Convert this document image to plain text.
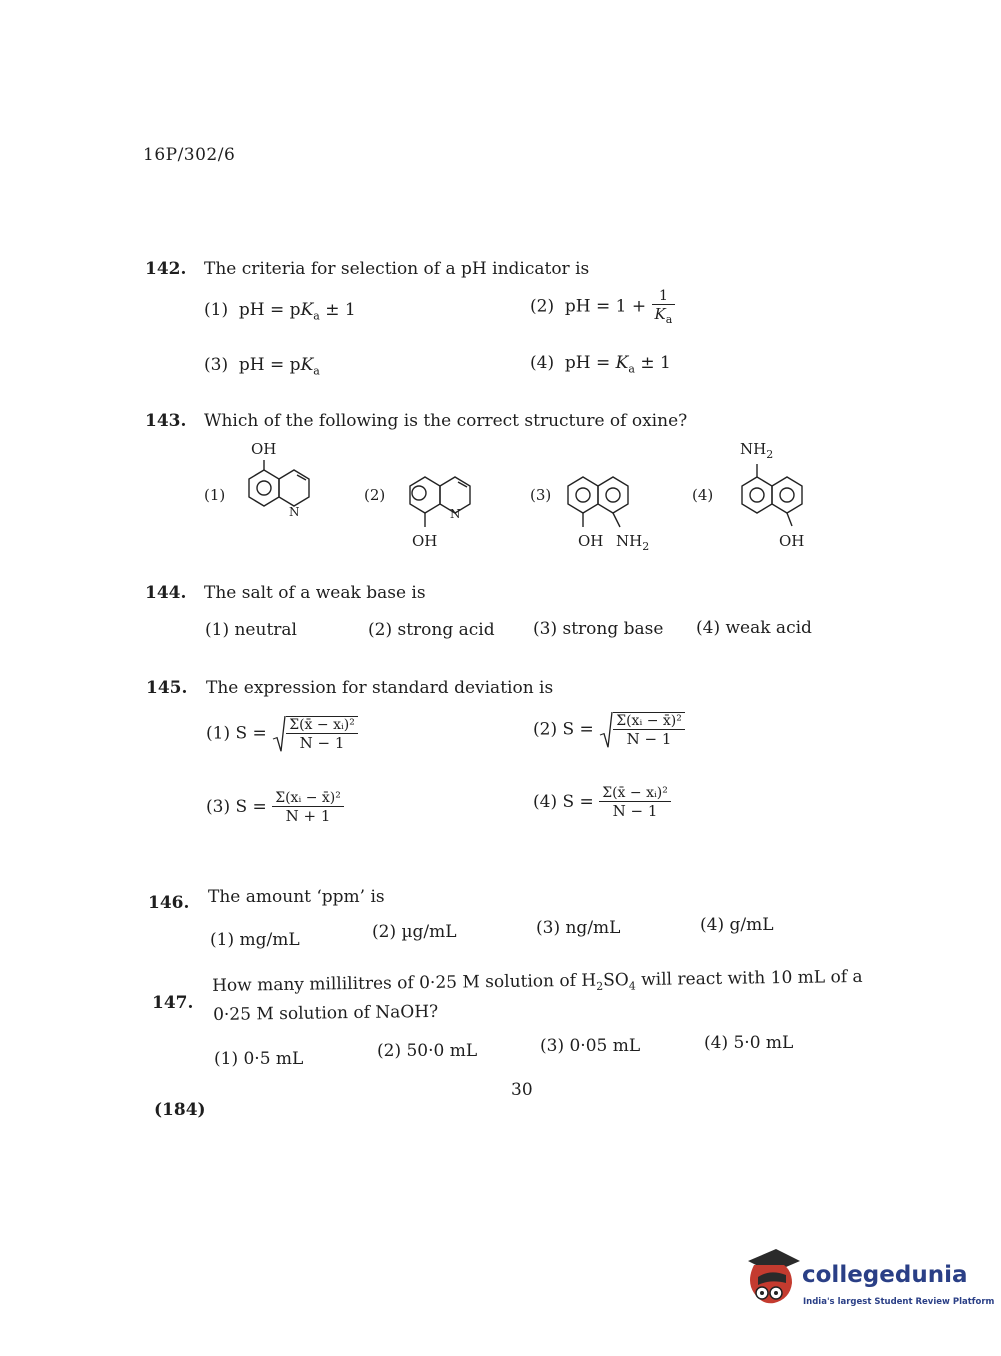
16P/302/6
142. The criteria for selection of a pH indicator is
(1) pH = $pK_a \pm 1$	(2) pH = $1 + \frac{1}{K_a}$
(3) pH = $pK_a$	(4) pH = $K_a \pm 1$
143. Which of the following is the correct structure of oxine?
(1)
OH
N
(2)
N
OH
(3)
OH $NH_2$
(4)
$NH_2$
OH
144. The salt of a weak base is
(1) neutral	(2) strong acid (3) strong base (4) weak acid
145. The expression for standard deviation is
(1) $S = \frac{\text{Σ(x̄ − xᵢ)²}}{N - 1}$	(2) $S = \frac{\text{Σ(xᵢ − x̄)²}}{N - 1}$
(3) $S = \frac{\text{Σ(xᵢ − x̄)²}}{N + 1}$	(4) $S = \frac{\text{Σ(x̄ − xᵢ)²}}{N - 1}$
146. The amount ‘ppm’ is
(1) mg/mL	(2) µg/mL	(3) ng/mL	(4) g/mL
147.
How many millilitres of 0·25 M solution of $H_2SO_4$ will react with 10 mL of a
0·25 M solution of NaOH?
(1) 0·5 mL	(2) 50·0 mL	(3) 0·05 mL	(4) 5·0 mL
30
(184)
collegedunia
India's largest Student Review Platform
